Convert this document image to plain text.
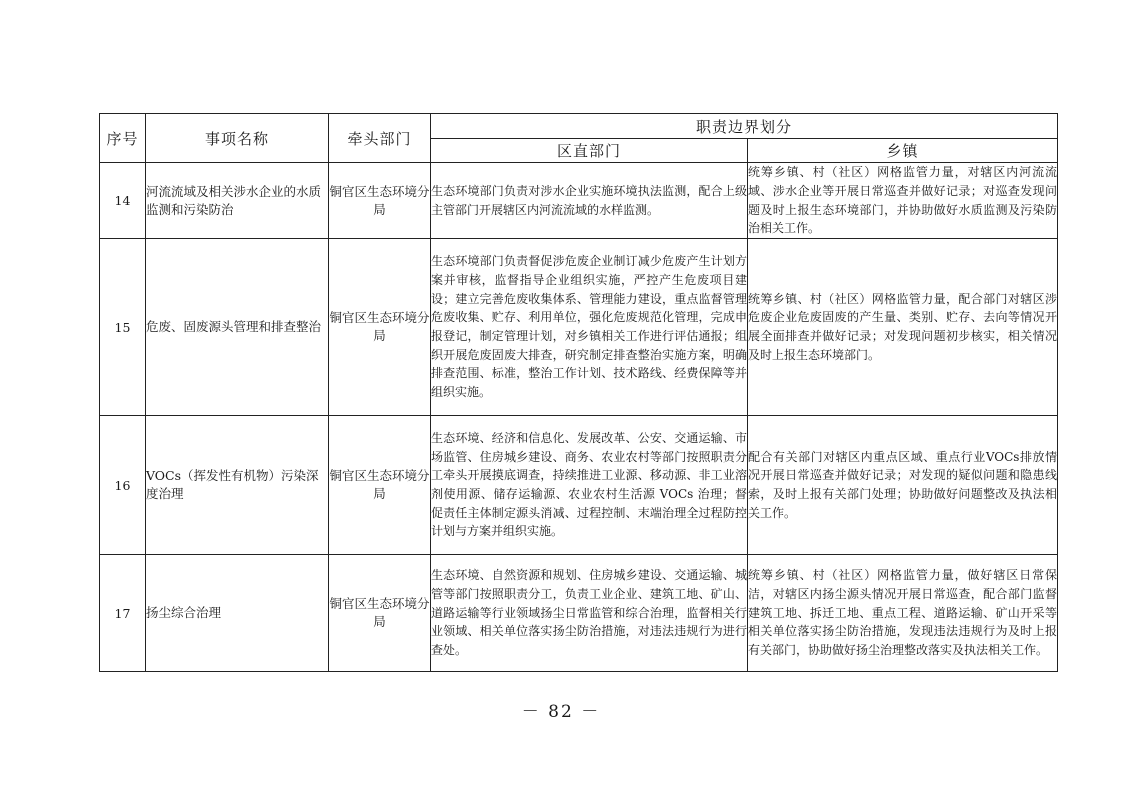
序号	事项名称	牵头部门	职责边界划分	
			区直部门	乡镇
14	河流流域及相关涉水企业的水质监测和污染防治	铜官区生态环境分局	生态环境部门负责对涉水企业实施环境执法监测，配合上级主管部门开展辖区内河流流域的水样监测。	统筹乡镇、村（社区）网格监管力量，对辖区内河流流域、涉水企业等开展日常巡查并做好记录；对巡查发现问题及时上报生态环境部门，并协助做好水质监测及污染防治相关工作。
15	危废、固废源头管理和排查整治	铜官区生态环境分局	生态环境部门负责督促涉危废企业制订减少危废产生计划方案并审核，监督指导企业组织实施，严控产生危废项目建设；建立完善危废收集体系、管理能力建设，重点监督管理危废收集、贮存、利用单位，强化危废规范化管理，完成申报登记，制定管理计划，对乡镇相关工作进行评估通报；组织开展危废固废大排查，研究制定排查整治实施方案，明确排查范围、标准，整治工作计划、技术路线、经费保障等并组织实施。	统筹乡镇、村（社区）网格监管力量，配合部门对辖区涉危废企业危废固废的产生量、类别、贮存、去向等情况开展全面排查并做好记录；对发现问题初步核实，相关情况及时上报生态环境部门。
16	VOCs（挥发性有机物）污染深度治理	铜官区生态环境分局	生态环境、经济和信息化、发展改革、公安、交通运输、市场监管、住房城乡建设、商务、农业农村等部门按照职责分工牵头开展摸底调查，持续推进工业源、移动源、非工业溶剂使用源、储存运输源、农业农村生活源 VOCs 治理；督促责任主体制定源头消减、过程控制、末端治理全过程防控计划与方案并组织实施。	配合有关部门对辖区内重点区域、重点行业VOCs排放情况开展日常巡查并做好记录；对发现的疑似问题和隐患线索，及时上报有关部门处理；协助做好问题整改及执法相关工作。
17	扬尘综合治理	铜官区生态环境分局	生态环境、自然资源和规划、住房城乡建设、交通运输、城管等部门按照职责分工，负责工业企业、建筑工地、矿山、道路运输等行业领域扬尘日常监管和综合治理，监督相关行业领域、相关单位落实扬尘防治措施，对违法违规行为进行查处。	统筹乡镇、村（社区）网格监管力量，做好辖区日常保洁，对辖区内扬尘源头情况开展日常巡查，配合部门监督建筑工地、拆迁工地、重点工程、道路运输、矿山开采等相关单位落实扬尘防治措施，发现违法违规行为及时上报有关部门，协助做好扬尘治理整改落实及执法相关工作。
－ 82 －
